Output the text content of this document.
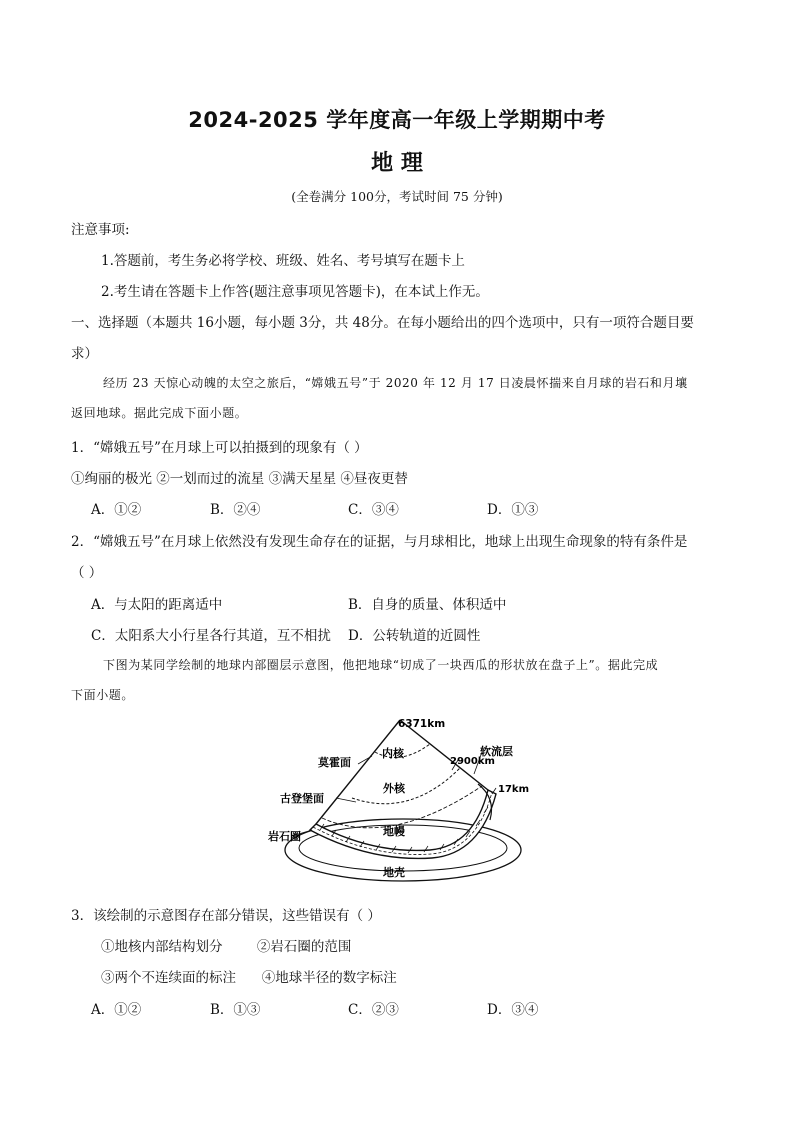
2024-2025 学年度高一年级上学期期中考
地 理
(全卷满分 100分，考试时间 75 分钟)
注意事项:
1.答题前，考生务必将学校、班级、姓名、考号填写在题卡上
2.考生请在答题卡上作答(题注意事项见答题卡)，在本试上作无。
一、选择题（本题共 16小题，每小题 3分，共 48分。在每小题给出的四个选项中，只有一项符合题目要
求）
经历 23 天惊心动魄的太空之旅后，“嫦娥五号”于 2020 年 12 月 17 日凌晨怀揣来自月球的岩石和月壤
返回地球。据此完成下面小题。
1．“嫦娥五号”在月球上可以拍摄到的现象有（ ）
①绚丽的极光 ②一划而过的流星 ③满天星星 ④昼夜更替
A．①②	B．②④	C．③④	D．①③
2．“嫦娥五号”在月球上依然没有发现生命存在的证据，与月球相比，地球上出现生命现象的特有条件是
（ ）
A．与太阳的距离适中	B．自身的质量、体积适中
C．太阳系大小行星各行其道，互不相扰 D．公转轨道的近圆性
下图为某同学绘制的地球内部圈层示意图，他把地球“切成了一块西瓜的形状放在盘子上”。据此完成
下面小题。
6371km
内核
莫霍面
软流层
2900km
外核	17km
古登堡面
地幔
岩石圈
地壳
3．该绘制的示意图存在部分错误，这些错误有（ ）
①地核内部结构划分        ②岩石圈的范围
③两个不连续面的标注      ④地球半径的数字标注
A．①②	B．①③	C．②③	D．③④
